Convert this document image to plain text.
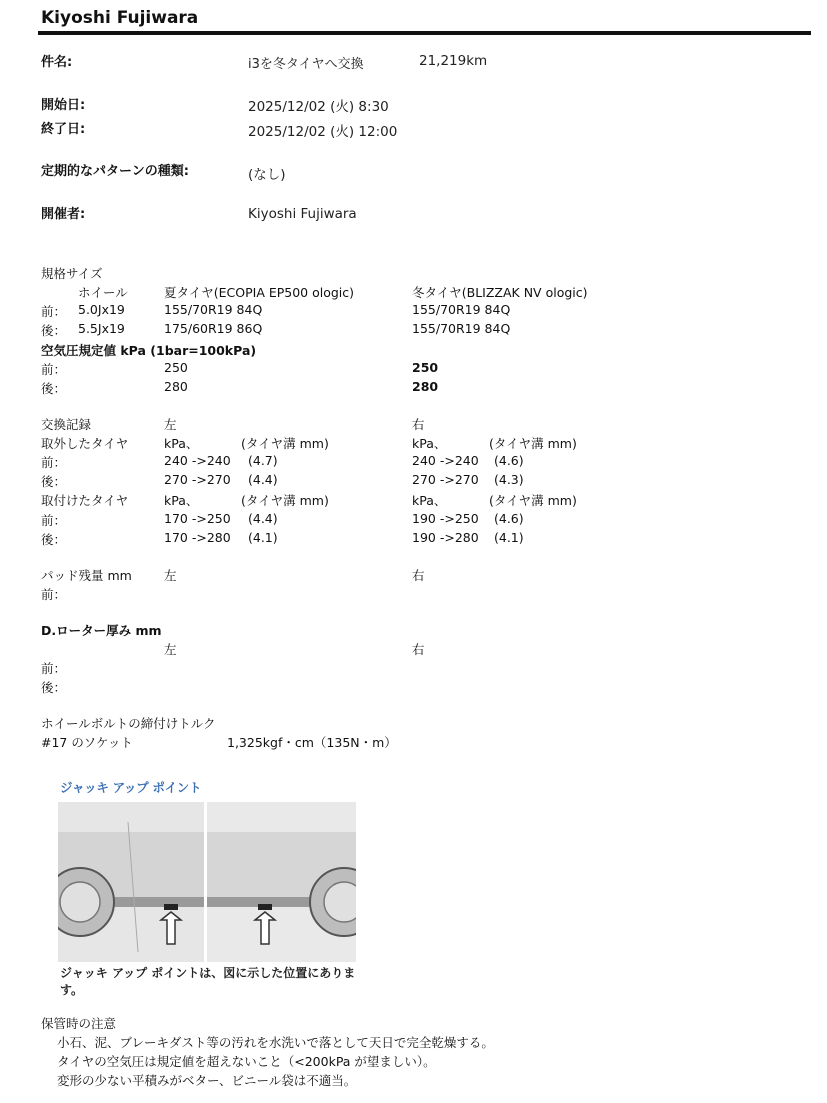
Kiyoshi Fujiwara
件名:	i3を冬タイヤへ交換	21,219km
開始日:	2025/12/02 (火) 8:30
終了日:	2025/12/02 (火) 12:00
定期的なパターンの種類:	(なし)
開催者:	Kiyoshi Fujiwara
規格サイズ
ホイール	夏タイヤ(ECOPIA EP500 ologic)	冬タイヤ(BLIZZAK NV ologic)
前： 5.0Jx19	155/70R19 84Q	155/70R19 84Q
後： 5.5Jx19	175/60R19 86Q	155/70R19 84Q
空気圧規定値 kPa (1bar=100kPa)
前：	250	250
後：	280	280
交換記録	左	右
取外したタイヤ	kPa、	(タイヤ溝 mm)	kPa、	(タイヤ溝 mm)
前：	240 ->240 (4.7)	240 ->240 (4.6)
後：	270 ->270 (4.4)	270 ->270 (4.3)
取付けたタイヤ	kPa、	(タイヤ溝 mm)	kPa、	(タイヤ溝 mm)
前：	170 ->250 (4.4)	190 ->250 (4.6)
後：	170 ->280 (4.1)	190 ->280 (4.1)
パッド残量 mm	左	右
前：
D.ローター厚み mm
左	右
前：
後：
ホイールボルトの締付けトルク
#17 のソケット	1,325kgf・cm（135N・m）
ジャッキ アップ ポイント
ジャッキ アップ ポイントは、図に示した位置にあります。
保管時の注意
小石、泥、ブレーキダスト等の汚れを水洗いで落として天日で完全乾燥する。
タイヤの空気圧は規定値を超えないこと（<200kPa が望ましい）。
変形の少ない平積みがベター、ビニール袋は不適当。
